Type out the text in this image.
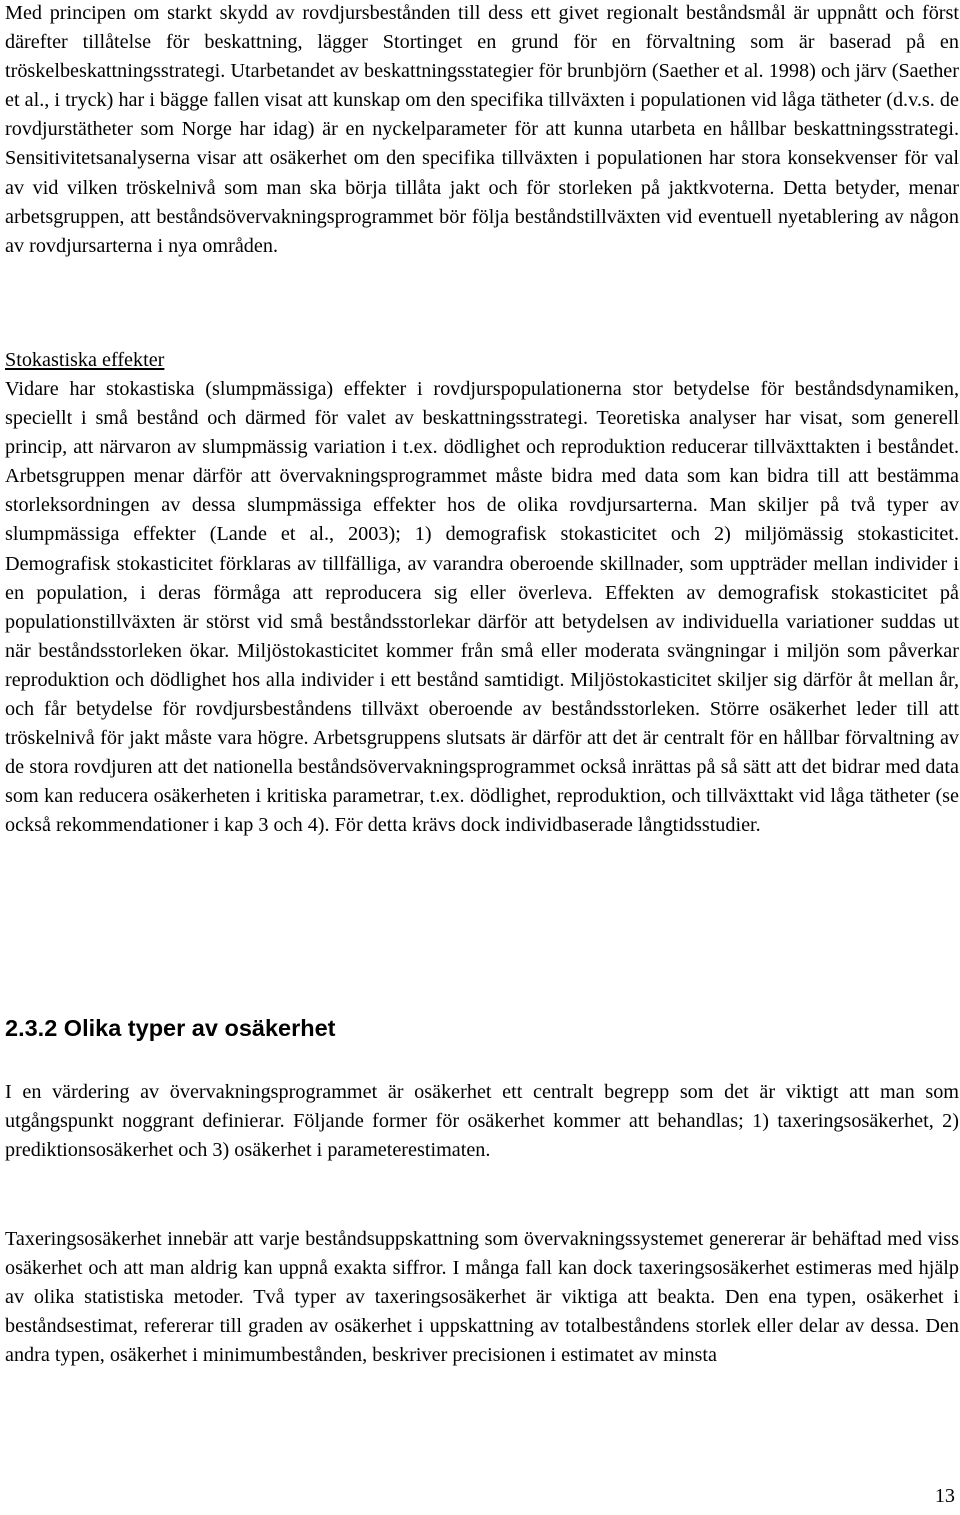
Med principen om starkt skydd av rovdjursbestånden till dess ett givet regionalt beståndsmål är uppnått och först därefter tillåtelse för beskattning, lägger Stortinget en grund för en förvaltning som är baserad på en tröskelbeskattningsstrategi. Utarbetandet av beskattningsstategier för brunbjörn (Saether et al. 1998) och järv (Saether et al., i tryck) har i bägge fallen visat att kunskap om den specifika tillväxten i populationen vid låga tätheter (d.v.s. de rovdjurstätheter som Norge har idag) är en nyckelparameter för att kunna utarbeta en hållbar beskattningsstrategi. Sensitivitetsanalyserna visar att osäkerhet om den specifika tillväxten i populationen har stora konsekvenser för val av vid vilken tröskelnivå som man ska börja tillåta jakt och för storleken på jaktkvoterna. Detta betyder, menar arbetsgruppen, att beståndsövervakningsprogrammet bör följa beståndstillväxten vid eventuell nyetablering av någon av rovdjursarterna i nya områden.

Stokastiska effekter

Vidare har stokastiska (slumpmässiga) effekter i rovdjurspopulationerna stor betydelse för beståndsdynamiken, speciellt i små bestånd och därmed för valet av beskattningsstrategi. Teoretiska analyser har visat, som generell princip, att närvaron av slumpmässig variation i t.ex. dödlighet och reproduktion reducerar tillväxttakten i beståndet. Arbetsgruppen menar därför att övervakningsprogrammet måste bidra med data som kan bidra till att bestämma storleksordningen av dessa slumpmässiga effekter hos de olika rovdjursarterna. Man skiljer på två typer av slumpmässiga effekter (Lande et al., 2003); 1) demografisk stokasticitet och 2) miljömässig stokasticitet. Demografisk stokasticitet förklaras av tillfälliga, av varandra oberoende skillnader, som uppträder mellan individer i en population, i deras förmåga att reproducera sig eller överleva. Effekten av demografisk stokasticitet på populationstillväxten är störst vid små beståndsstorlekar därför att betydelsen av individuella variationer suddas ut när beståndsstorleken ökar. Miljöstokasticitet kommer från små eller moderata svängningar i miljön som påverkar reproduktion och dödlighet hos alla individer i ett bestånd samtidigt. Miljöstokasticitet skiljer sig därför åt mellan år, och får betydelse för rovdjursbeståndens tillväxt oberoende av beståndsstorleken. Större osäkerhet leder till att tröskelnivå för jakt måste vara högre. Arbetsgruppens slutsats är därför att det är centralt för en hållbar förvaltning av de stora rovdjuren att det nationella beståndsövervakningsprogrammet också inrättas på så sätt att det bidrar med data som kan reducera osäkerheten i kritiska parametrar, t.ex. dödlighet, reproduktion, och tillväxttakt vid låga tätheter (se också rekommendationer i kap 3 och 4). För detta krävs dock individbaserade långtidsstudier.

2.3.2 Olika typer av osäkerhet

I en värdering av övervakningsprogrammet är osäkerhet ett centralt begrepp som det är viktigt att man som utgångspunkt noggrant definierar. Följande former för osäkerhet kommer att behandlas; 1) taxeringsosäkerhet, 2) prediktionsosäkerhet och 3) osäkerhet i parameterestimaten.

Taxeringsosäkerhet innebär att varje beståndsuppskattning som övervakningssystemet genererar är behäftad med viss osäkerhet och att man aldrig kan uppnå exakta siffror. I många fall kan dock taxeringsosäkerhet estimeras med hjälp av olika statistiska metoder. Två typer av taxeringsosäkerhet är viktiga att beakta. Den ena typen, osäkerhet i beståndsestimat, refererar till graden av osäkerhet i uppskattning av totalbeståndens storlek eller delar av dessa. Den andra typen, osäkerhet i minimumbestånden, beskriver precisionen i estimatet av minsta

13
